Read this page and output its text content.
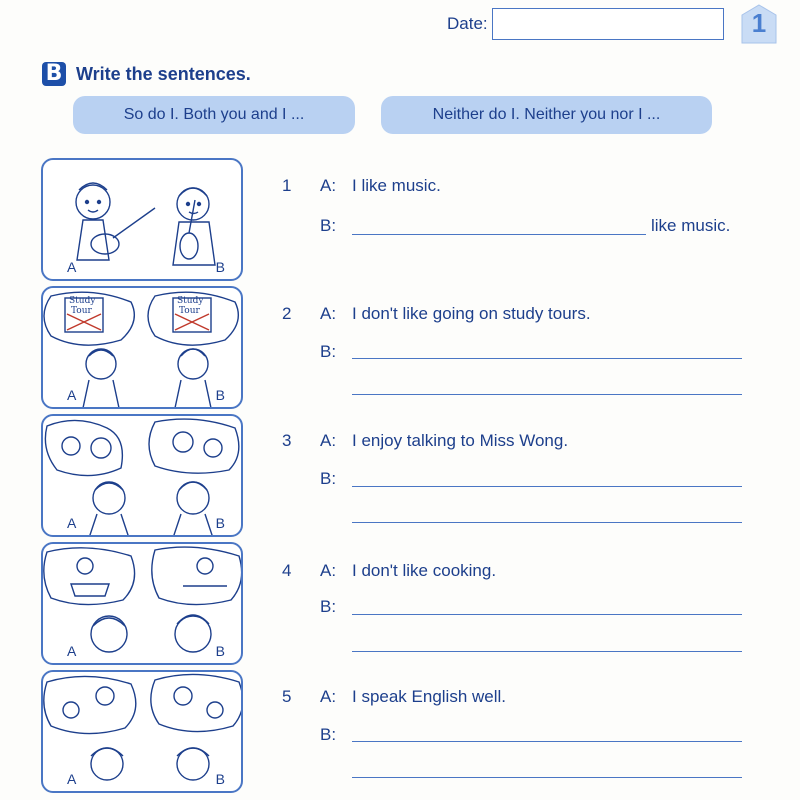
Date:	1
B Write the sentences.
So do I. Both you and I ...	Neither do I. Neither you nor I ...
A	B
Study
Tour
Study
Tour
A	B
A	B
A	B
A	B
1 A: I like music.
B:	like music.
2 A: I don't like going on study tours.
B:
3 A: I enjoy talking to Miss Wong.
B:
4 A: I don't like cooking.
B:
5 A: I speak English well.
B:
